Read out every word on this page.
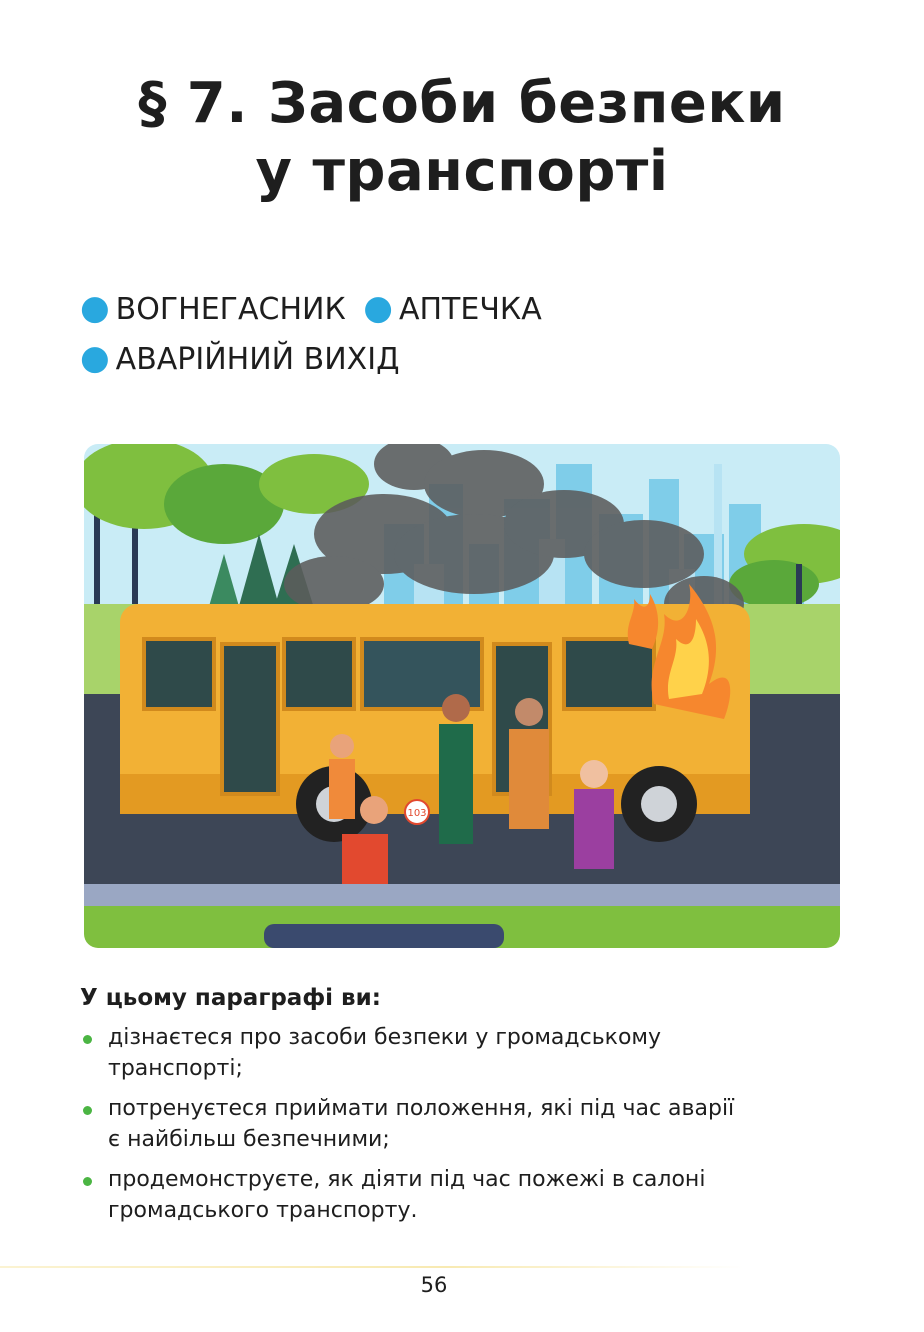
§ 7. Засоби безпеки
у транспорті
● ВОГНЕГАСНИК ● АПТЕЧКА
● АВАРІЙНИЙ ВИХІД
103
У цьому параграфі ви:
дізнаєтеся про засоби безпеки у громадському
транспорті;
потренуєтеся приймати положення, які під час аварії
є найбільш безпечними;
продемонструєте, як діяти під час пожежі в салоні
громадського транспорту.
56
